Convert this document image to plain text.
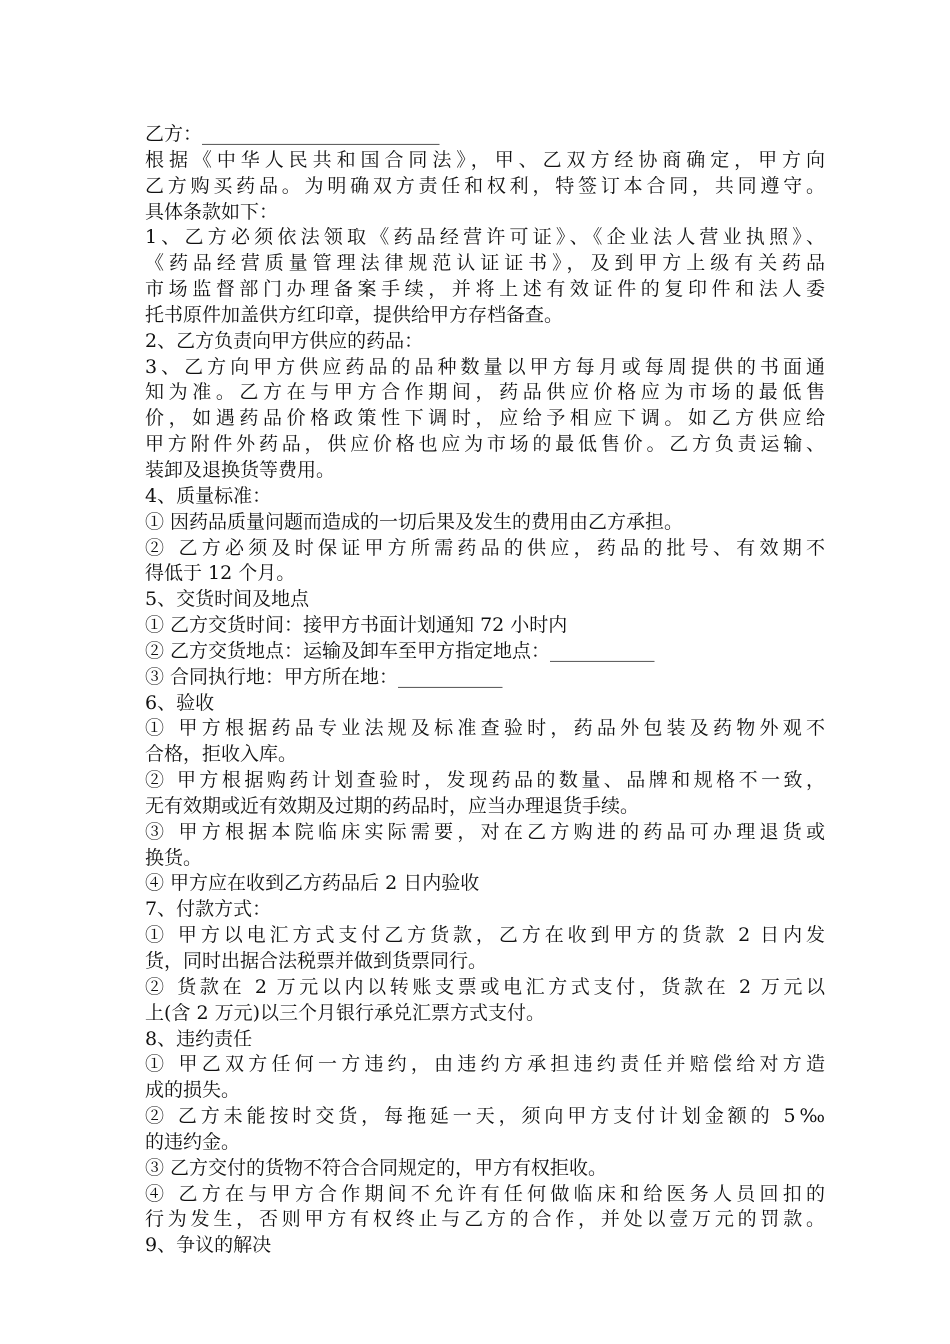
乙方：_________________________
根据《中华人民共和国合同法》，甲、乙双方经协商确定，甲方向
乙方购买药品。为明确双方责任和权利，特签订本合同，共同遵守。
具体条款如下：
1、乙方必须依法领取《药品经营许可证》、《企业法人营业执照》、
《药品经营质量管理法律规范认证证书》，及到甲方上级有关药品
市场监督部门办理备案手续，并将上述有效证件的复印件和法人委
托书原件加盖供方红印章，提供给甲方存档备查。
2、乙方负责向甲方供应的药品：
3、乙方向甲方供应药品的品种数量以甲方每月或每周提供的书面通
知为准。乙方在与甲方合作期间，药品供应价格应为市场的最低售
价，如遇药品价格政策性下调时，应给予相应下调。如乙方供应给
甲方附件外药品，供应价格也应为市场的最低售价。乙方负责运输、
装卸及退换货等费用。
4、质量标准：
① 因药品质量问题而造成的一切后果及发生的费用由乙方承担。
② 乙方必须及时保证甲方所需药品的供应，药品的批号、有效期不
得低于 12 个月。
5、交货时间及地点
① 乙方交货时间：接甲方书面计划通知 72 小时内
② 乙方交货地点：运输及卸车至甲方指定地点：___________
③ 合同执行地：甲方所在地：___________
6、验收
① 甲方根据药品专业法规及标准查验时，药品外包装及药物外观不
合格，拒收入库。
② 甲方根据购药计划查验时，发现药品的数量、品牌和规格不一致，
无有效期或近有效期及过期的药品时，应当办理退货手续。
③ 甲方根据本院临床实际需要，对在乙方购进的药品可办理退货或
换货。
④ 甲方应在收到乙方药品后 2 日内验收
7、付款方式：
① 甲方以电汇方式支付乙方货款，乙方在收到甲方的货款 2 日内发
货，同时出据合法税票并做到货票同行。
② 货款在 2 万元以内以转账支票或电汇方式支付，货款在 2 万元以
上(含 2 万元)以三个月银行承兑汇票方式支付。
8、违约责任
① 甲乙双方任何一方违约，由违约方承担违约责任并赔偿给对方造
成的损失。
② 乙方未能按时交货，每拖延一天，须向甲方支付计划金额的 5‰
的违约金。
③ 乙方交付的货物不符合合同规定的，甲方有权拒收。
④ 乙方在与甲方合作期间不允许有任何做临床和给医务人员回扣的
行为发生，否则甲方有权终止与乙方的合作，并处以壹万元的罚款。
9、争议的解决
